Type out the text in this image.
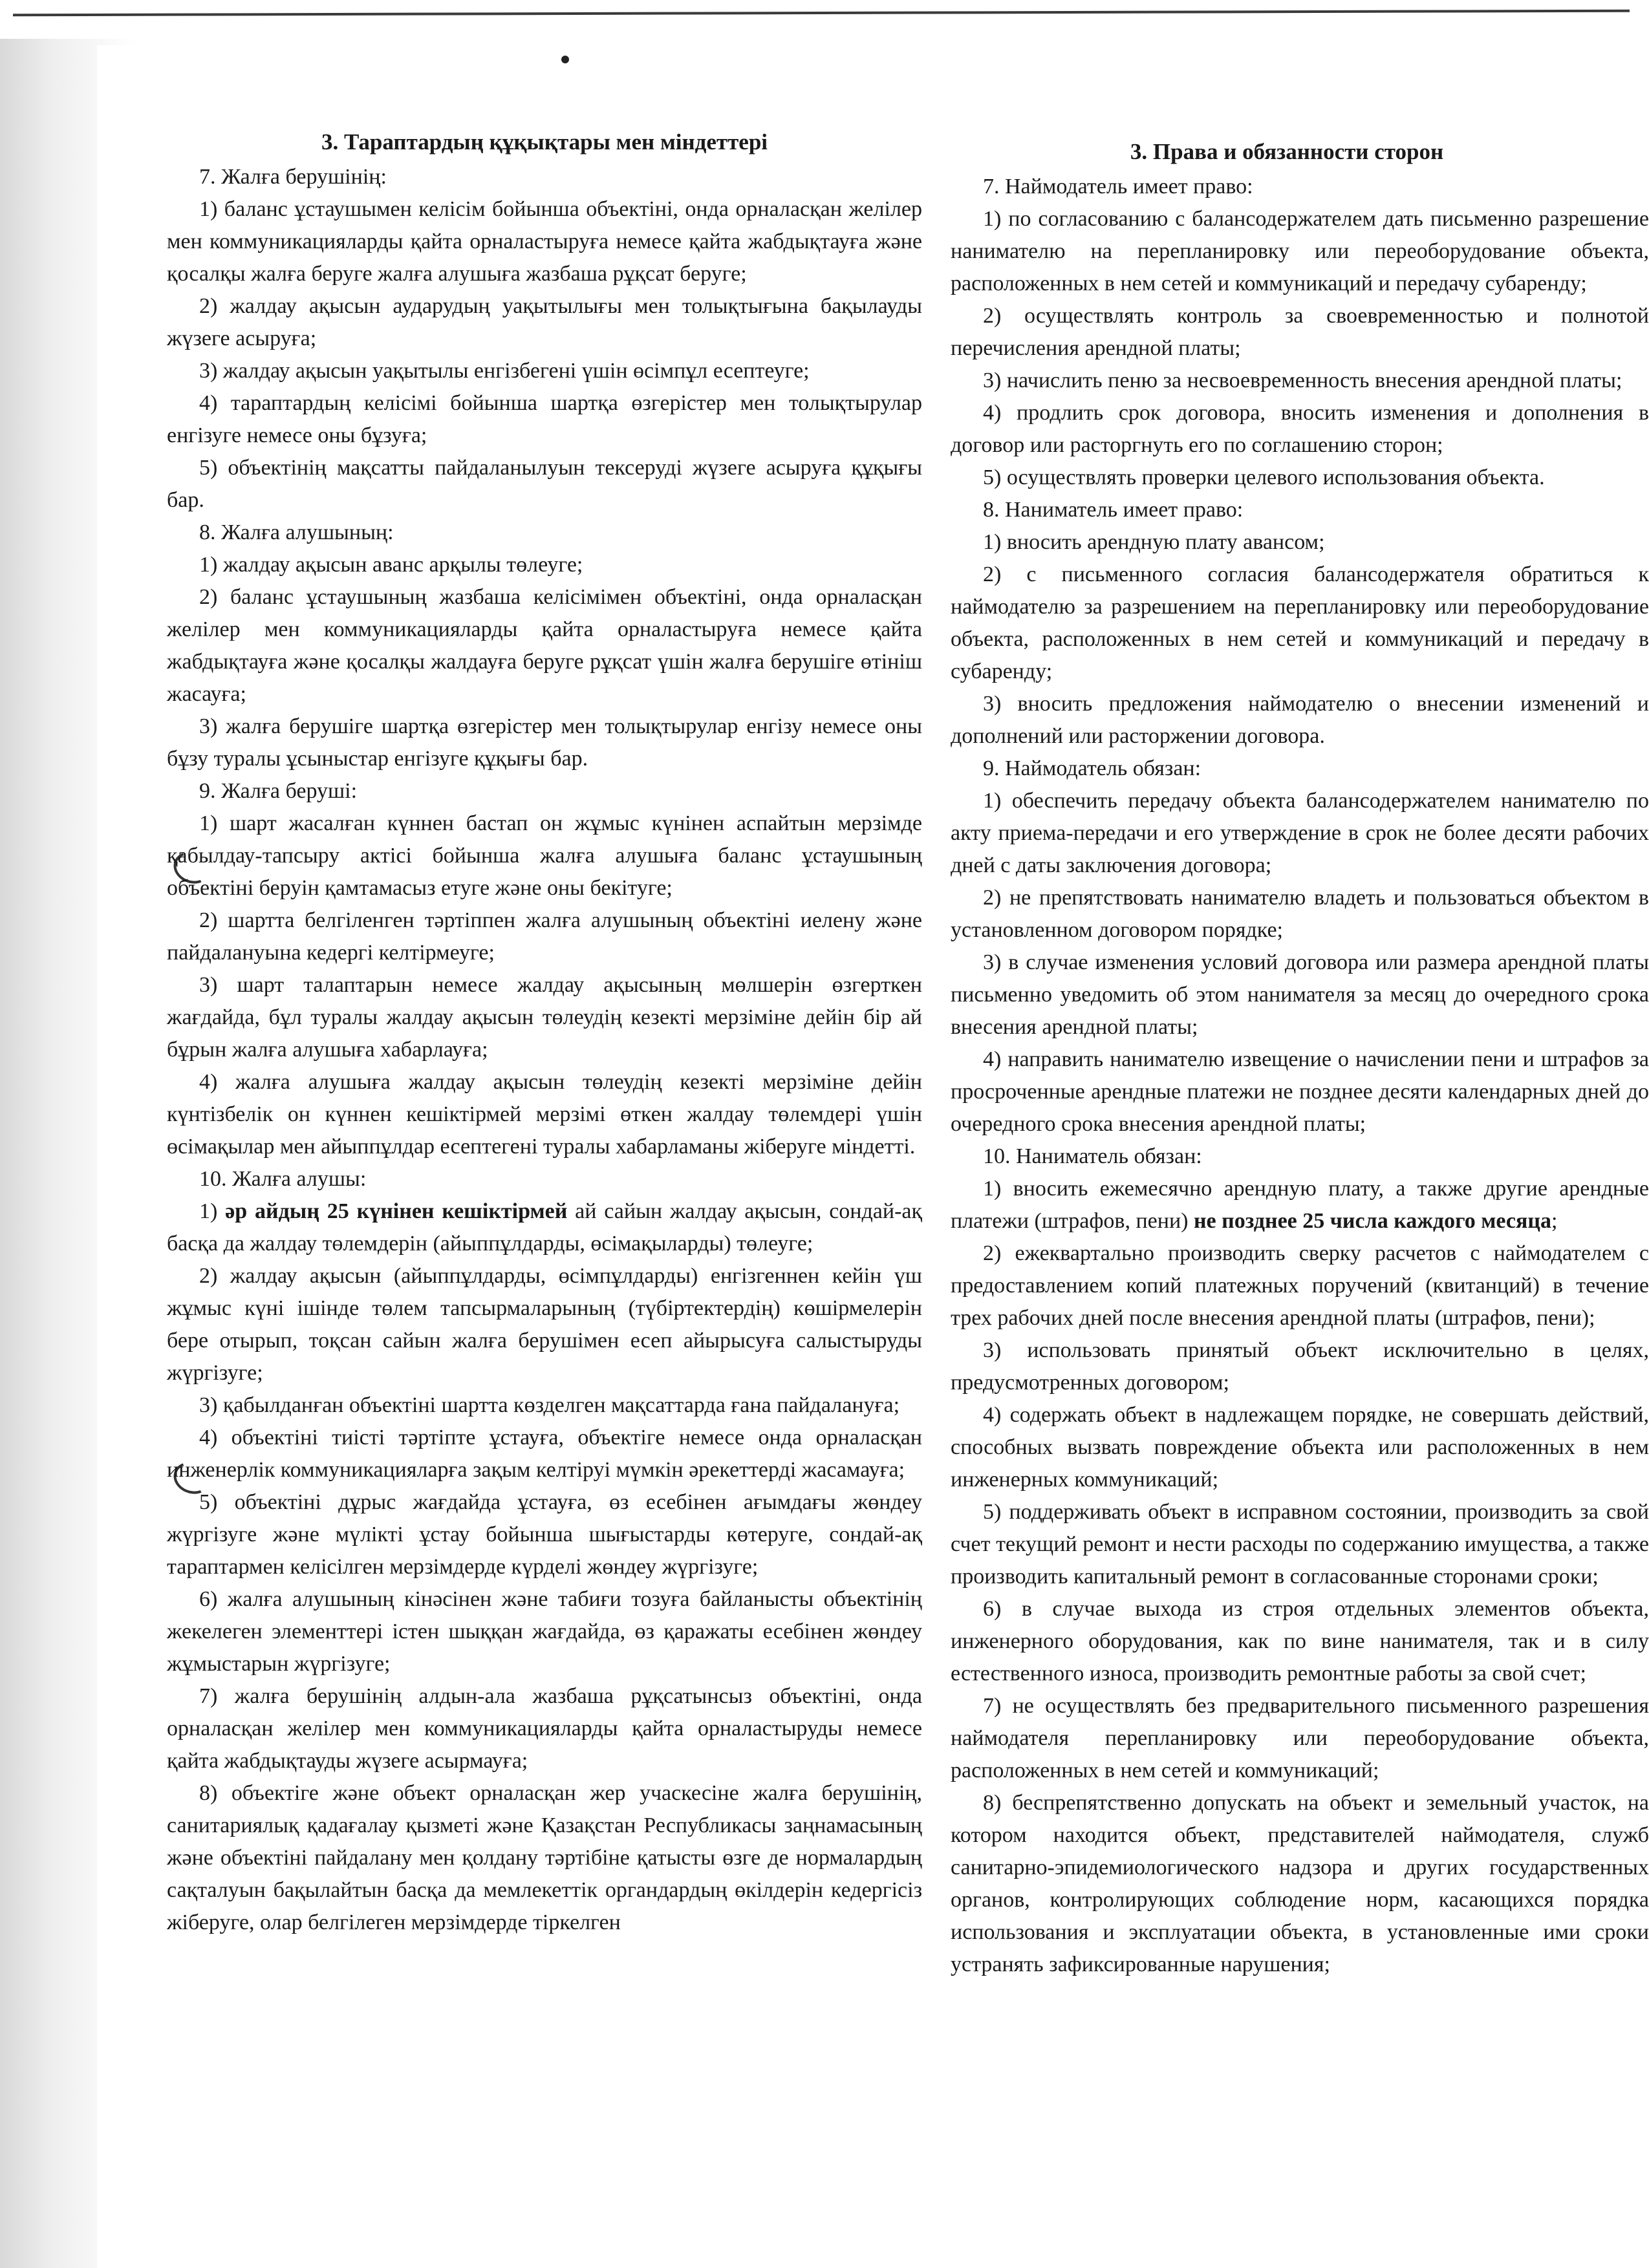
3. Тараптардың құқықтары мен міндеттері

7. Жалға берушінің:

1) баланс ұстаушымен келісім бойынша объектіні, онда орналасқан желілер мен коммуникацияларды қайта орналастыруға немесе қайта жабдықтауға және қосалқы жалға беруге жалға алушыға жазбаша рұқсат беруге;

2) жалдау ақысын аударудың уақытылығы мен толықтығына бақылауды жүзеге асыруға;

3) жалдау ақысын уақытылы енгізбегені үшін өсімпұл есептеуге;

4) тараптардың келісімі бойынша шартқа өзгерістер мен толықтырулар енгізуге немесе оны бұзуға;

5) объектінің мақсатты пайдаланылуын тексеруді жүзеге асыруға құқығы бар.

8. Жалға алушының:

1) жалдау ақысын аванс арқылы төлеуге;

2) баланс ұстаушының жазбаша келісімімен объектіні, онда орналасқан желілер мен коммуникацияларды қайта орналастыруға немесе қайта жабдықтауға және қосалқы жалдауға беруге рұқсат үшін жалға берушіге өтініш жасауға;

3) жалға берушіге шартқа өзгерістер мен толықтырулар енгізу немесе оны бұзу туралы ұсыныстар енгізуге құқығы бар.

9. Жалға беруші:

1) шарт жасалған күннен бастап он жұмыс күнінен аспайтын мерзімде қабылдау-тапсыру актісі бойынша жалға алушыға баланс ұстаушының объектіні беруін қамтамасыз етуге және оны бекітуге;

2) шартта белгіленген тәртіппен жалға алушының объектіні иелену және пайдалануына кедергі келтірмеуге;

3) шарт талаптарын немесе жалдау ақысының мөлшерін өзгерткен жағдайда, бұл туралы жалдау ақысын төлеудің кезекті мерзіміне дейін бір ай бұрын жалға алушыға хабарлауға;

4) жалға алушыға жалдау ақысын төлеудің кезекті мерзіміне дейін күнтізбелік он күннен кешіктірмей мерзімі өткен жалдау төлемдері үшін өсімақылар мен айыппұлдар есептегені туралы хабарламаны жіберуге міндетті.

10. Жалға алушы:

1) әр айдың 25 күнінен кешіктірмей ай сайын жалдау ақысын, сондай-ақ басқа да жалдау төлемдерін (айыппұлдарды, өсімақыларды) төлеуге;

2) жалдау ақысын (айыппұлдарды, өсімпұлдарды) енгізгеннен кейін үш жұмыс күні ішінде төлем тапсырмаларының (түбіртектердің) көшірмелерін бере отырып, тоқсан сайын жалға берушімен есеп айырысуға салыстыруды жүргізуге;

3) қабылданған объектіні шартта көзделген мақсаттарда ғана пайдалануға;

4) объектіні тиісті тәртіпте ұстауға, объектіге немесе онда орналасқан инженерлік коммуникацияларға зақым келтіруі мүмкін әрекеттерді жасамауға;

5) объектіні дұрыс жағдайда ұстауға, өз есебінен ағымдағы жөндеу жүргізуге және мүлікті ұстау бойынша шығыстарды көтеруге, сондай-ақ тараптармен келісілген мерзімдерде күрделі жөндеу жүргізуге;

6) жалға алушының кінәсінен және табиғи тозуға байланысты объектінің жекелеген элементтері істен шыққан жағдайда, өз қаражаты есебінен жөндеу жұмыстарын жүргізуге;

7) жалға берушінің алдын-ала жазбаша рұқсатынсыз объектіні, онда орналасқан желілер мен коммуникацияларды қайта орналастыруды немесе қайта жабдықтауды жүзеге асырмауға;

8) объектіге және объект орналасқан жер учаскесіне жалға берушінің, санитариялық қадағалау қызметі және Қазақстан Республикасы заңнамасының және объектіні пайдалану мен қолдану тәртібіне қатысты өзге де нормалардың сақталуын бақылайтын басқа да мемлекеттік органдардың өкілдерін кедергісіз жіберуге, олар белгілеген мерзімдерде тіркелген

3. Права и обязанности сторон

7. Наймодатель имеет право:

1) по согласованию с балансодержателем дать письменно разрешение нанимателю на перепланировку или переоборудование объекта, расположенных в нем сетей и коммуникаций и передачу субаренду;

2) осуществлять контроль за своевременностью и полнотой перечисления арендной платы;

3) начислить пеню за несвоевременность внесения арендной платы;

4) продлить срок договора, вносить изменения и дополнения в договор или расторгнуть его по соглашению сторон;

5) осуществлять проверки целевого использования объекта.

8. Наниматель имеет право:

1) вносить арендную плату авансом;

2) с письменного согласия балансодержателя обратиться к наймодателю за разрешением на перепланировку или переоборудование объекта, расположенных в нем сетей и коммуникаций и передачу в субаренду;

3) вносить предложения наймодателю о внесении изменений и дополнений или расторжении договора.

9. Наймодатель обязан:

1) обеспечить передачу объекта балансодержателем нанимателю по акту приема-передачи и его утверждение в срок не более десяти рабочих дней с даты заключения договора;

2) не препятствовать нанимателю владеть и пользоваться объектом в установленном договором порядке;

3) в случае изменения условий договора или размера арендной платы письменно уведомить об этом нанимателя за месяц до очередного срока внесения арендной платы;

4) направить нанимателю извещение о начислении пени и штрафов за просроченные арендные платежи не позднее десяти календарных дней до очередного срока внесения арендной платы;

10. Наниматель обязан:

1) вносить ежемесячно арендную плату, а также другие арендные платежи (штрафов, пени) не позднее 25 числа каждого месяца;

2) ежеквартально производить сверку расчетов с наймодателем с предоставлением копий платежных поручений (квитанций) в течение трех рабочих дней после внесения арендной платы (штрафов, пени);

3) использовать принятый объект исключительно в целях, предусмотренных договором;

4) содержать объект в надлежащем порядке, не совершать действий, способных вызвать повреждение объекта или расположенных в нем инженерных коммуникаций;

5) поддерживать объект в исправном состоянии, производить за свой счет текущий ремонт и нести расходы по содержанию имущества, а также производить капитальный ремонт в согласованные сторонами сроки;

6) в случае выхода из строя отдельных элементов объекта, инженерного оборудования, как по вине нанимателя, так и в силу естественного износа, производить ремонтные работы за свой счет;

7) не осуществлять без предварительного письменного разрешения наймодателя перепланировку или переоборудование объекта, расположенных в нем сетей и коммуникаций;

8) беспрепятственно допускать на объект и земельный участок, на котором находится объект, представителей наймодателя, служб санитарно-эпидемиологического надзора и других государственных органов, контролирующих соблюдение норм, касающихся порядка использования и эксплуатации объекта, в установленные ими сроки устранять зафиксированные нарушения;
